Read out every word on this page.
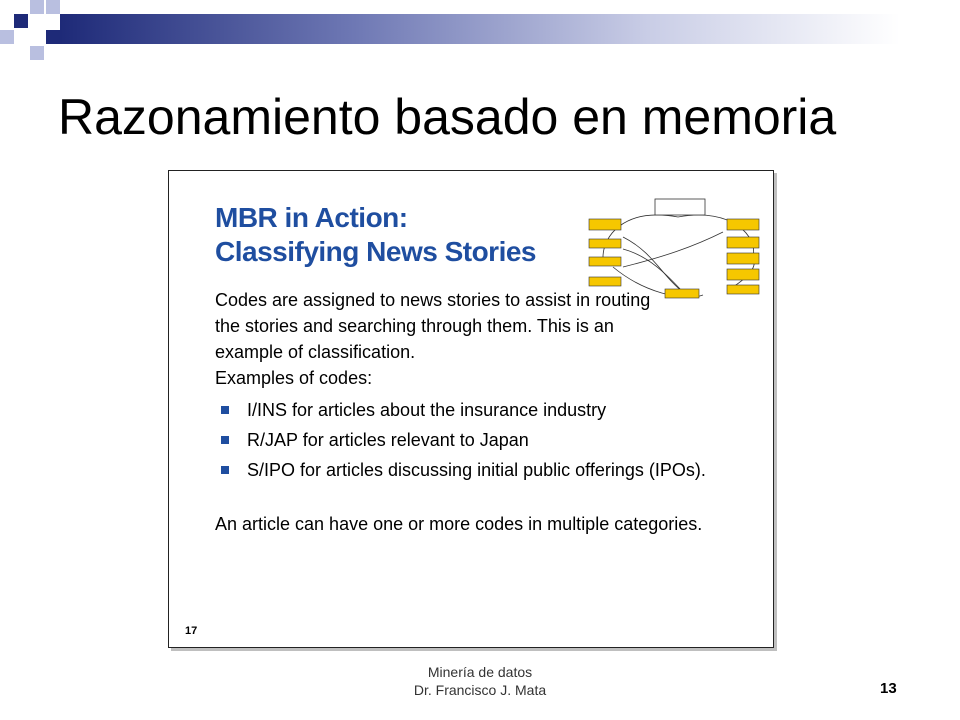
Razonamiento basado en memoria
MBR in Action:
Classifying News Stories
Codes are assigned to news stories to assist in routing the stories and searching through them. This is an example of classification.
Examples of codes:
I/INS for articles about the insurance industry
R/JAP for articles relevant to Japan
S/IPO for articles discussing initial public offerings (IPOs).
An article can have one or more codes in multiple categories.
17
Minería de datos
Dr. Francisco J. Mata	13
